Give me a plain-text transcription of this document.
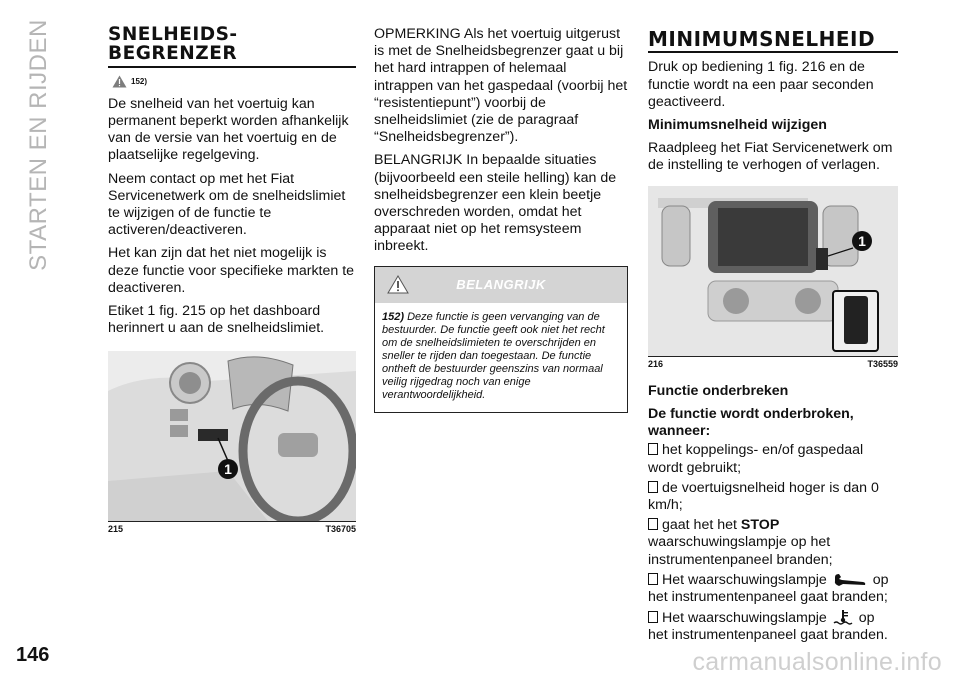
STARTEN EN RIJDEN	SNELHEIDS-
BEGRENZER
152)

De snelheid van het voertuig kan permanent beperkt worden afhankelijk van de versie van het voertuig en de plaatselijke regelgeving.

Neem contact op met het Fiat Servicenetwerk om de snelheidslimiet te wijzigen of de functie te activeren/deactiveren.

Het kan zijn dat het niet mogelijk is deze functie voor specifieke markten te deactiveren.

Etiket 1 fig. 215 op het dashboard herinnert u aan de snelheidslimiet.

1
215	T36705

OPMERKING Als het voertuig uitgerust is met de Snelheidsbegrenzer gaat u bij het hard intrappen of helemaal intrappen van het gaspedaal (voorbij het “resistentiepunt”) voorbij de snelheidslimiet (zie de paragraaf “Snelheidsbegrenzer”).

BELANGRIJK In bepaalde situaties (bijvoorbeeld een steile helling) kan de snelheidsbegrenzer een klein beetje overschreden worden, omdat het apparaat niet op het remsysteem inbreekt.

BELANGRIJK
152) Deze functie is geen vervanging van de bestuurder. De functie geeft ook niet het recht om de snelheidslimieten te overschrijden en sneller te rijden dan toegestaan. De functie ontheft de bestuurder geenszins van normaal veilig rijgedrag noch van enige verantwoordelijkheid.
MINIMUMSNELHEID

Druk op bediening 1 fig. 216 en de functie wordt na een paar seconden geactiveerd.

Minimumsnelheid wijzigen

Raadpleeg het Fiat Servicenetwerk om de instelling te verhogen of verlagen.

1
216	T36559
Functie onderbreken
De functie wordt onderbroken, wanneer:
het koppelings- en/of gaspedaal wordt gebruikt;
de voertuigsnelheid hoger is dan 0 km/h;
gaat het het STOP waarschuwingslampje op het instrumentenpaneel branden;
Het waarschuwingslampje	op het instrumentenpaneel gaat branden;
Het waarschuwingslampje op het instrumentenpaneel gaat branden.
146	carmanualsonline.info
